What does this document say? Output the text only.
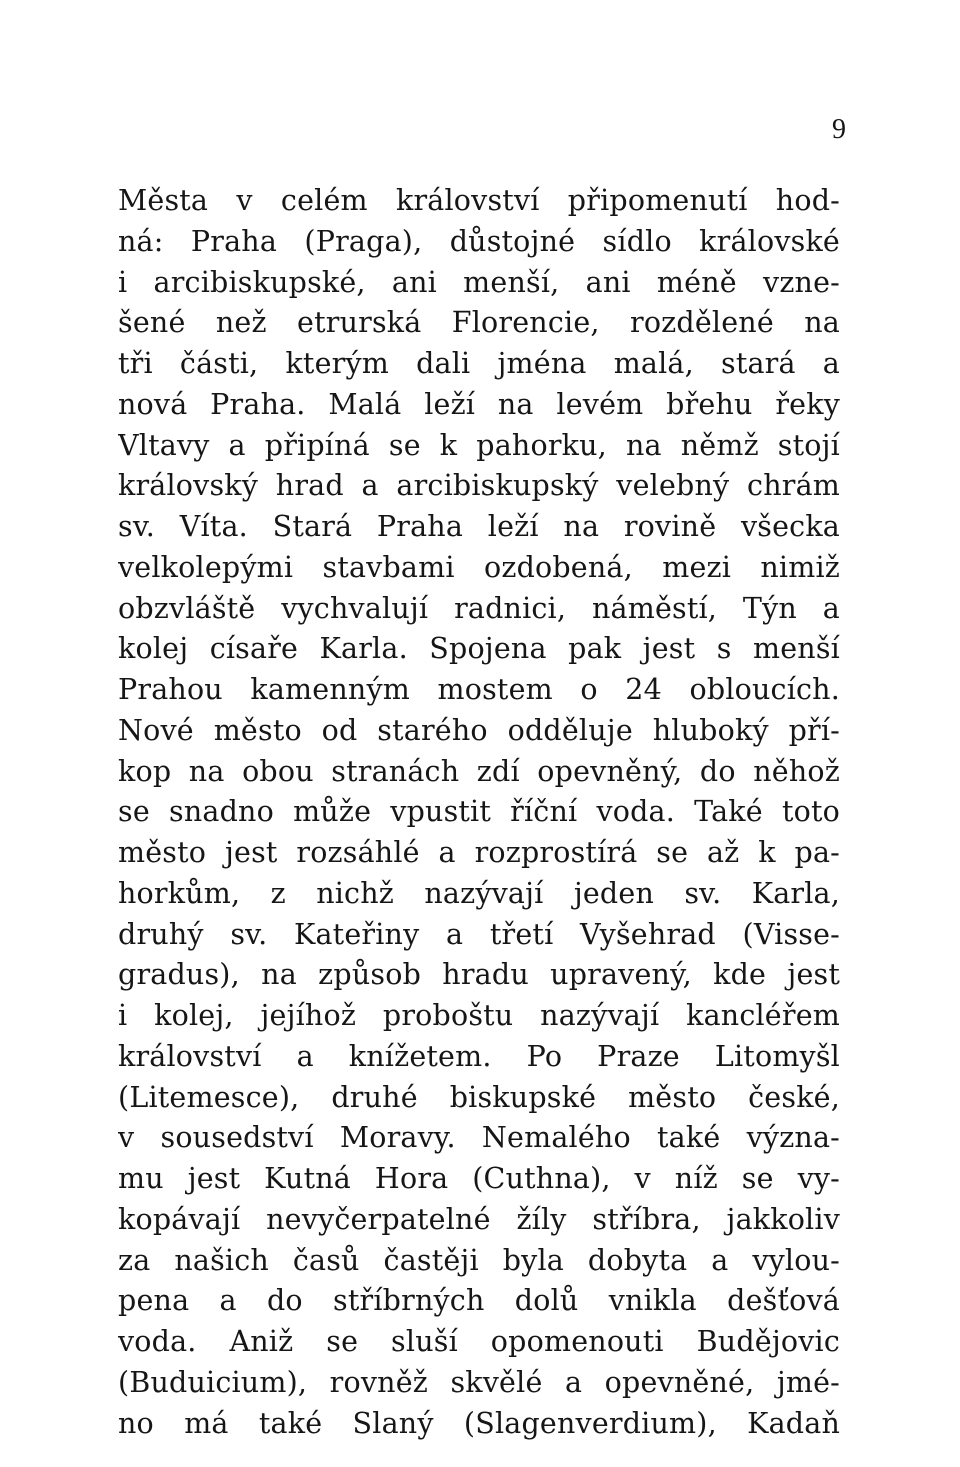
9
Města v celém království připomenutí hod-
ná: Praha (Praga), důstojné sídlo královské
i arcibiskupské, ani menší, ani méně vzne-
šené než etrurská Florencie, rozdělené na
tři části, kterým dali jména malá, stará a
nová Praha. Malá leží na levém břehu řeky
Vltavy a připíná se k pahorku, na němž stojí
královský hrad a arcibiskupský velebný chrám
sv. Víta. Stará Praha leží na rovině všecka
velkolepými stavbami ozdobená, mezi nimiž
obzvláště vychvalují radnici, náměstí, Týn a
kolej císaře Karla. Spojena pak jest s menší
Prahou kamenným mostem o 24 obloucích.
Nové město od starého odděluje hluboký pří-
kop na obou stranách zdí opevněný, do něhož
se snadno může vpustit říční voda. Také toto
město jest rozsáhlé a rozprostírá se až k pa-
horkům, z nichž nazývají jeden sv. Karla,
druhý sv. Kateřiny a třetí Vyšehrad (Visse-
gradus), na způsob hradu upravený, kde jest
i kolej, jejíhož proboštu nazývají kancléřem
království a knížetem. Po Praze Litomyšl
(Litemesce), druhé biskupské město české,
v sousedství Moravy. Nemalého také význa-
mu jest Kutná Hora (Cuthna), v níž se vy-
kopávají nevyčerpatelné žíly stříbra, jakkoliv
za našich časů častěji byla dobyta a vylou-
pena a do stříbrných dolů vnikla dešťová
voda. Aniž se sluší opomenouti Budějovic
(Buduicium), rovněž skvělé a opevněné, jmé-
no má také Slaný (Slagenverdium), Kadaň
